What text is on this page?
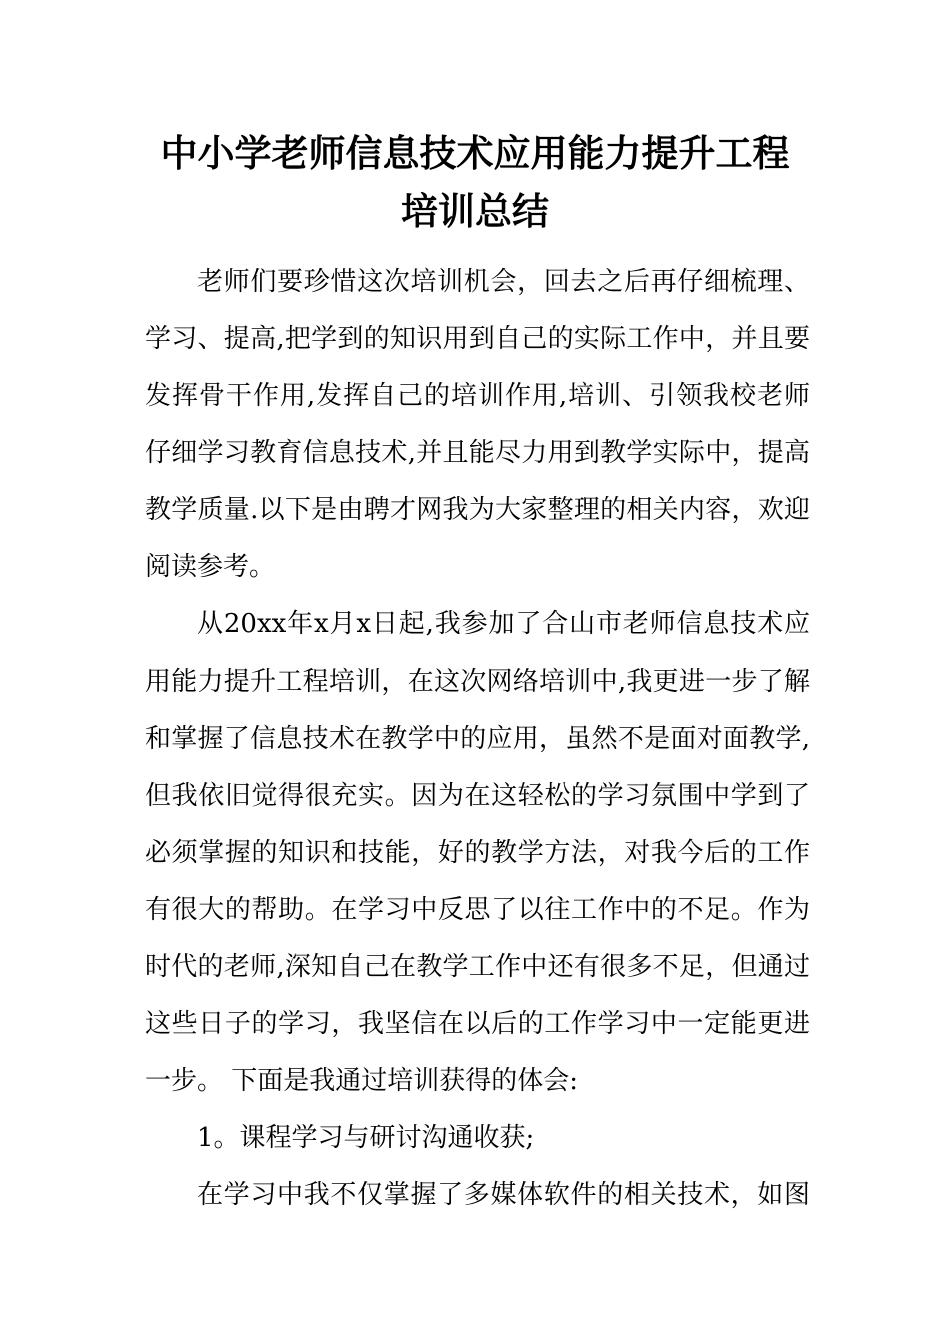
中小学老师信息技术应用能力提升工程
培训总结
老师们要珍惜这次培训机会，回去之后再仔细梳理、
学习、提高,把学到的知识用到自己的实际工作中，并且要
发挥骨干作用,发挥自己的培训作用,培训、引领我校老师
仔细学习教育信息技术,并且能尽力用到教学实际中，提高
教学质量.以下是由聘才网我为大家整理的相关内容，欢迎
阅读参考。
从20xx年x月x日起,我参加了合山市老师信息技术应
用能力提升工程培训，在这次网络培训中,我更进一步了解
和掌握了信息技术在教学中的应用，虽然不是面对面教学,
但我依旧觉得很充实。因为在这轻松的学习氛围中学到了
必须掌握的知识和技能，好的教学方法，对我今后的工作
有很大的帮助。在学习中反思了以往工作中的不足。作为
时代的老师,深知自己在教学工作中还有很多不足，但通过
这些日子的学习，我坚信在以后的工作学习中一定能更进
一步。 下面是我通过培训获得的体会:
1。课程学习与研讨沟通收获;
在学习中我不仅掌握了多媒体软件的相关技术，如图
